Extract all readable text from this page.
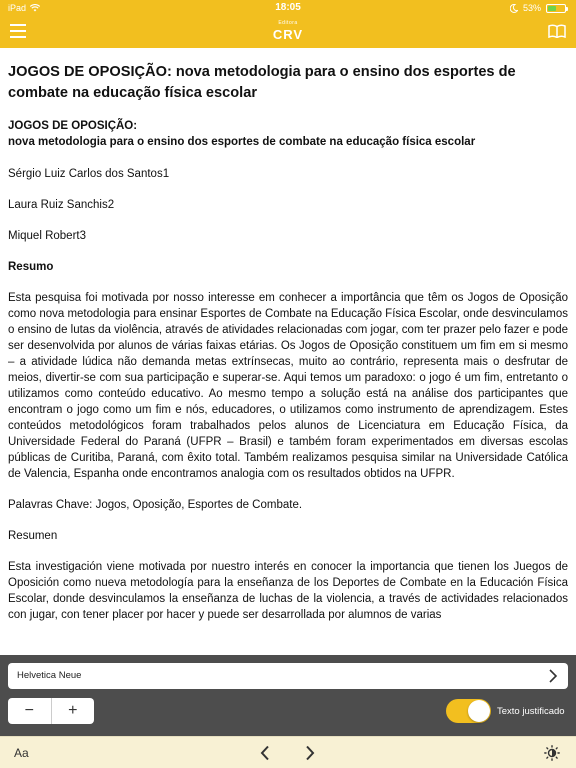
iPad	18:05	53%
Editora
CRV
JOGOS DE OPOSIÇÃO: nova metodologia para o ensino dos esportes de combate na educação física escolar
JOGOS DE OPOSIÇÃO:
nova metodologia para o ensino dos esportes de combate na educação física escolar
Sérgio Luiz Carlos dos Santos1
Laura Ruiz Sanchis2
Miquel Robert3
Resumo
Esta pesquisa foi motivada por nosso interesse em conhecer a importância que têm os Jogos de Oposição como nova metodologia para ensinar Esportes de Combate na Educação Física Escolar, onde desvinculamos o ensino de lutas da violência, através de atividades relacionadas com jogar, com ter prazer pelo fazer e pode ser desenvolvida por alunos de várias faixas etárias. Os Jogos de Oposição constituem um fim em si mesmo – a atividade lúdica não demanda metas extrínsecas, muito ao contrário, representa mais o desfrutar de meios, divertir-se com sua participação e superar-se. Aqui temos um paradoxo: o jogo é um fim, entretanto o utilizamos como conteúdo educativo. Ao mesmo tempo a solução está na análise dos participantes que encontram o jogo como um fim e nós, educadores, o utilizamos como instrumento de aprendizagem. Estes conteúdos metodológicos foram trabalhados pelos alunos de Licenciatura em Educação Física, da Universidade Federal do Paraná (UFPR – Brasil) e também foram experimentados em diversas escolas públicas de Curitiba, Paraná, com êxito total. Também realizamos pesquisa similar na Universidade Católica de Valencia, Espanha onde encontramos analogia com os resultados obtidos na UFPR.
Palavras Chave: Jogos, Oposição, Esportes de Combate.
Resumen
Esta investigación viene motivada por nuestro interés en conocer la importancia que tienen los Juegos de Oposición como nueva metodología para la enseñanza de los Deportes de Combate en la Educación Física Escolar, donde desvinculamos la enseñanza de luchas de la violencia, a través de actividades relacionados con jugar, con tener placer por hacer y puede ser desarrollada por alumnos de varias
Helvetica Neue
−	+	Texto justificado
Aa
